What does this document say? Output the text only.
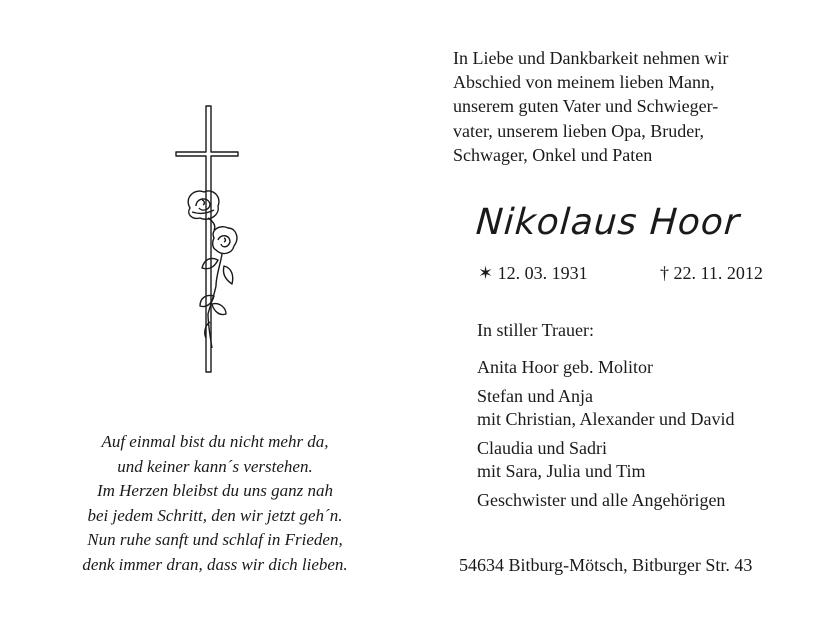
Auf einmal bist du nicht mehr da,
und keiner kann´s verstehen.
Im Herzen bleibst du uns ganz nah
bei jedem Schritt, den wir jetzt geh´n.
Nun ruhe sanft und schlaf in Frieden,
denk immer dran, dass wir dich lieben.
In Liebe und Dankbarkeit nehmen wir
Abschied von meinem lieben Mann,
unserem guten Vater und Schwieger-
vater, unserem lieben Opa, Bruder,
Schwager, Onkel und Paten
Nikolaus Hoor
✶ 12. 03. 1931	† 22. 11. 2012
In stiller Trauer:
Anita Hoor geb. Molitor
Stefan und Anja
mit Christian, Alexander und David
Claudia und Sadri
mit Sara, Julia und Tim
Geschwister und alle Angehörigen
54634 Bitburg-Mötsch, Bitburger Str. 43
